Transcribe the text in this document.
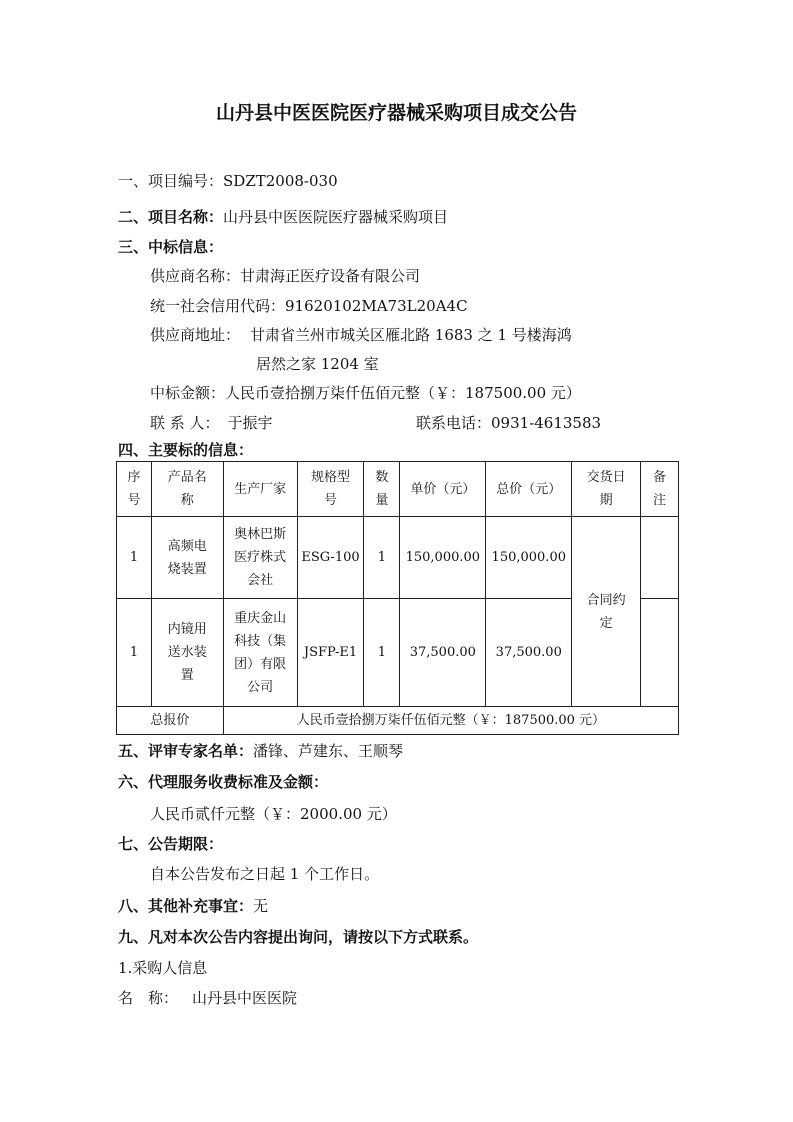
山丹县中医医院医疗器械采购项目成交公告
一、项目编号：SDZT2008-030
二、项目名称：山丹县中医医院医疗器械采购项目
三、中标信息：
供应商名称：甘肃海正医疗设备有限公司
统一社会信用代码：91620102MA73L20A4C
供应商地址： 甘肃省兰州市城关区雁北路 1683 之 1 号楼海鸿
居然之家 1204 室
中标金额：人民币壹拾捌万柒仟伍佰元整（￥：187500.00 元）
联 系 人： 于振宇	联系电话：0931-4613583
四、主要标的信息：
序号	产品名称	生产厂家	规格型号	数量	单价（元）	总价（元）	交货日期	备注
1	高频电烧装置	奥林巴斯医疗株式会社	ESG-100	1	150,000.00	150,000.00	合同约定	
1	内镜用送水装置	重庆金山科技（集团）有限公司	JSFP-E1	1	37,500.00	37,500.00		
总报价		人民币壹拾捌万柒仟伍佰元整（￥：187500.00 元）						
五、评审专家名单：潘锋、芦建东、王顺琴
六、代理服务收费标准及金额：
人民币贰仟元整（￥：2000.00 元）
七、公告期限：
自本公告发布之日起 1 个工作日。
八、其他补充事宜：无
九、凡对本次公告内容提出询问，请按以下方式联系。
1.采购人信息
名　称： 山丹县中医医院
